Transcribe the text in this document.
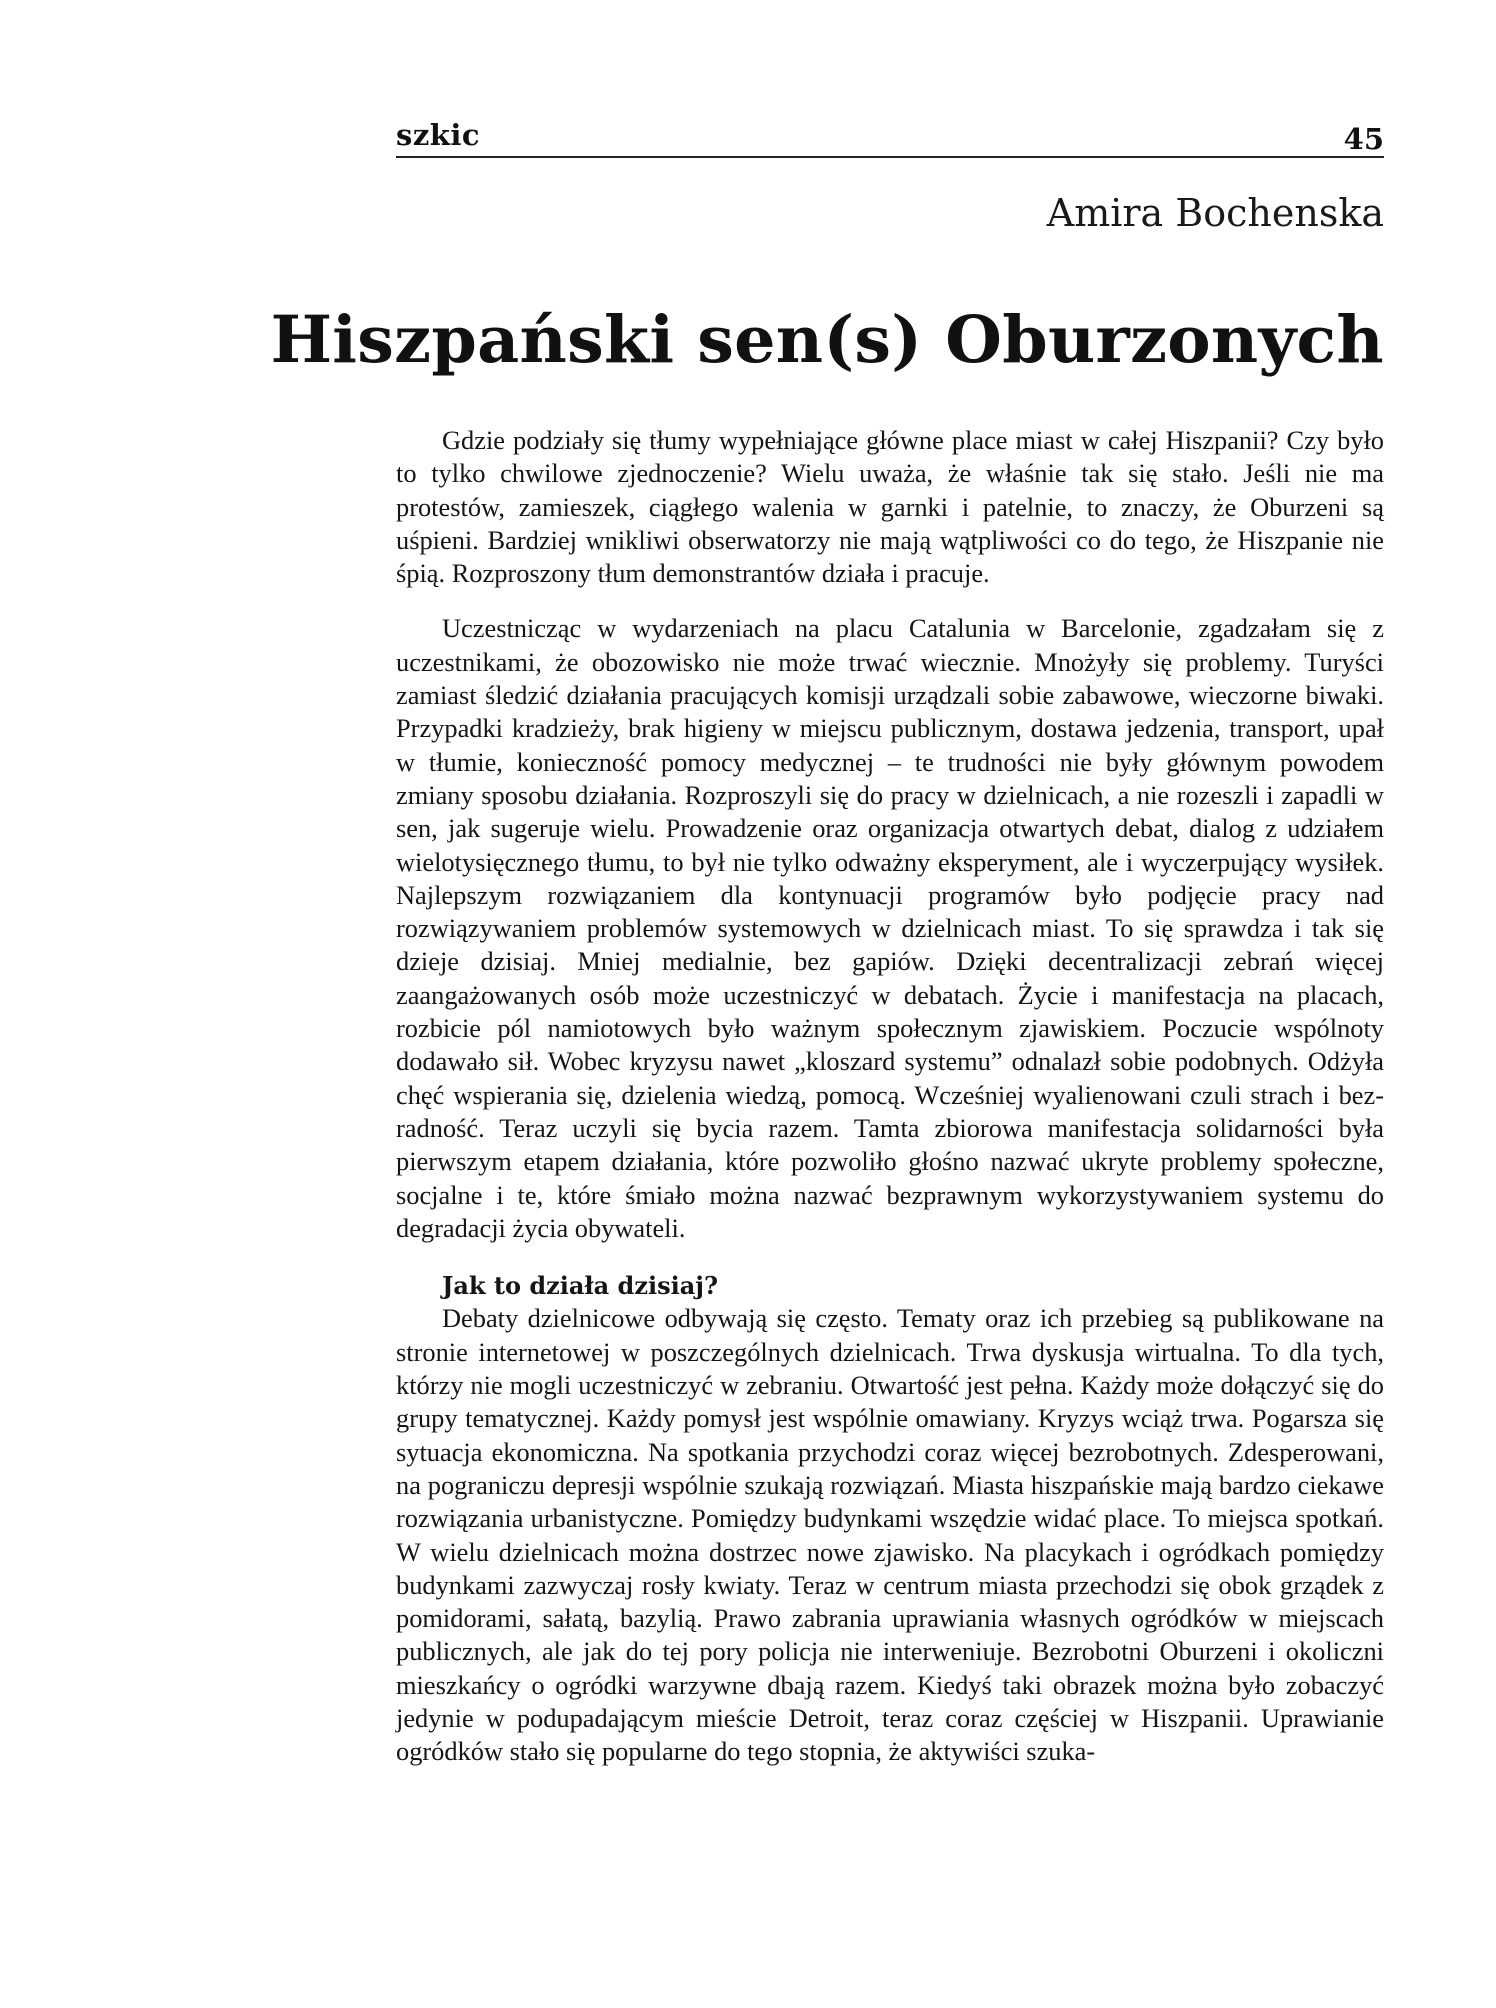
szkic	45
Amira Bochenska
Hiszpański sen(s) Oburzonych

Gdzie podziały się tłumy wypełniające główne place miast w całej Hiszpanii? Czy było to tylko chwilowe zjednoczenie? Wielu uważa, że właśnie tak się stało. Jeśli nie ma protestów, zamieszek, ciągłego walenia w garnki i patelnie, to znaczy, że Oburzeni są uśpieni. Bardziej wnikliwi obserwatorzy nie mają wątpliwości co do tego, że Hiszpanie nie śpią. Rozproszony tłum demonstrantów działa i pracuje.

Uczestnicząc w wydarzeniach na placu Catalunia w Barcelonie, zgadzałam się z uczestnikami, że obozowisko nie może trwać wiecznie. Mnożyły się problemy. Turyści zamiast śledzić działania pracujących komisji urządzali sobie zabawowe, wieczorne biwaki. Przypadki kradzieży, brak higieny w miejscu publicznym, dostawa jedzenia, transport, upał w tłumie, konieczność pomocy medycznej – te trudności nie były głównym powodem zmiany sposobu działania. Rozproszyli się do pracy w dzielnicach, a nie rozeszli i zapadli w sen, jak sugeruje wielu. Prowadzenie oraz organizacja otwartych debat, dialog z udziałem wielotysięcznego tłumu, to był nie tylko odważny eksperyment, ale i wyczerpujący wysiłek. Najlepszym rozwiązaniem dla kontynuacji programów było podjęcie pracy nad rozwiązywaniem problemów systemowych w dzielnicach miast. To się sprawdza i tak się dzieje dzisiaj. Mniej medialnie, bez gapiów. Dzięki decentralizacji zebrań więcej zaangażowanych osób może uczestniczyć w debatach. Życie i manifestacja na placach, rozbicie pól namiotowych było ważnym społecznym zjawiskiem. Poczucie wspólnoty dodawało sił. Wobec kryzysu nawet „kloszard systemu” odnalazł sobie podobnych. Odżyła chęć wspierania się, dzielenia wiedzą, pomocą. Wcześniej wyalienowani czuli strach i bezradność. Teraz uczyli się bycia razem. Tamta zbiorowa manifestacja solidarności była pierwszym etapem działania, które pozwoliło głośno nazwać ukryte problemy społeczne, socjalne i te, które śmiało można nazwać bezprawnym wykorzystywaniem systemu do degradacji życia obywateli.

Jak to działa dzisiaj?

Debaty dzielnicowe odbywają się często. Tematy oraz ich przebieg są publikowane na stronie internetowej w poszczególnych dzielnicach. Trwa dyskusja wirtualna. To dla tych, którzy nie mogli uczestniczyć w zebraniu. Otwartość jest pełna. Każdy może dołączyć się do grupy tematycznej. Każdy pomysł jest wspólnie omawiany. Kryzys wciąż trwa. Pogarsza się sytuacja ekonomiczna. Na spotkania przychodzi coraz więcej bezrobotnych. Zdesperowani, na pograniczu depresji wspólnie szukają rozwiązań. Miasta hiszpańskie mają bardzo ciekawe rozwiązania urbanistyczne. Pomiędzy budynkami wszędzie widać place. To miejsca spotkań. W wielu dzielnicach można dostrzec nowe zjawisko. Na placykach i ogródkach pomiędzy budynkami zazwyczaj rosły kwiaty. Teraz w centrum miasta przechodzi się obok grządek z pomidorami, sałatą, bazylią. Prawo zabrania uprawiania własnych ogródków w miejscach publicznych, ale jak do tej pory policja nie interweniuje. Bezrobotni Oburzeni i okoliczni mieszkańcy o ogródki warzywne dbają razem. Kiedyś taki obrazek można było zobaczyć jedynie w podupadającym mieście Detroit, teraz coraz częściej w Hiszpanii. Uprawianie ogródków stało się popularne do tego stopnia, że aktywiści szuka-
